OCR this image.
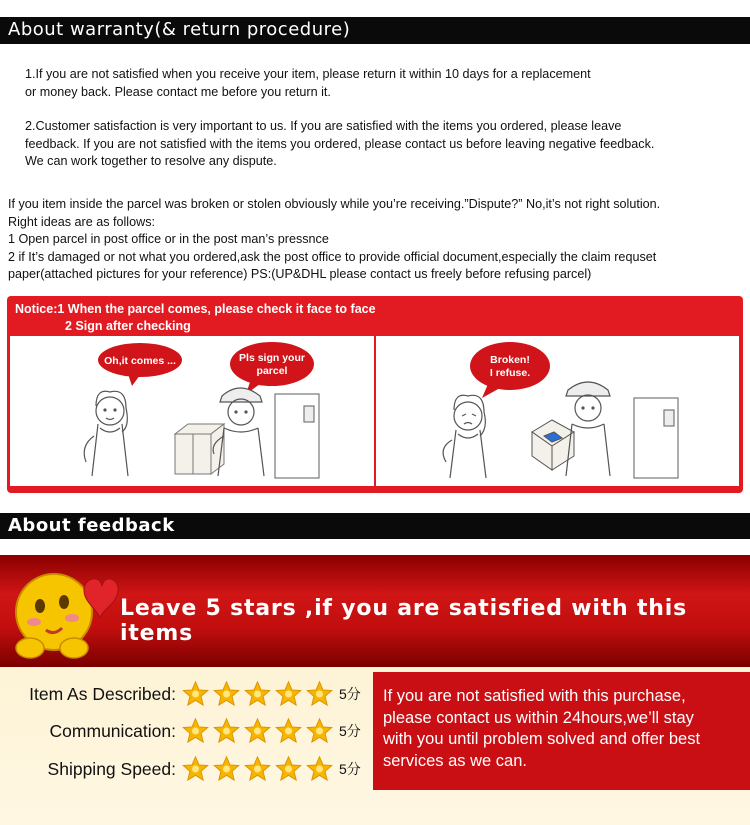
About warranty(& return procedure)
1.If you are not satisfied when you receive your item, please return it within 10 days for a replacement
or money back. Please contact me before you return it.
2.Customer satisfaction is very important to us. If you are satisfied with the items you ordered, please leave
feedback. If you are not satisfied with the items you ordered, please contact us before leaving negative feedback.
We can work together to resolve any dispute.
If you item inside the parcel was broken or stolen obviously while you’re receiving.”Dispute?” No,it’s not right solution.
Right ideas are as follows:
1 Open parcel in post office or in the post man’s pressnce
2 if It’s damaged or not what you ordered,ask the post office to provide official document,especially the claim requset
paper(attached pictures for your reference) PS:(UP&DHL please contact us freely before refusing parcel)
Notice:1 When the parcel comes, please check it face to face
2 Sign after checking
Oh,it comes ...	Pls sign your
parcel
Broken!
I refuse.
About feedback
Leave 5 stars ,if you are satisfied with this items
Item As Described:	5分
Communication:	5分
Shipping Speed:	5分
If you are not satisfied with this purchase,
please contact us within 24hours,we’ll stay
with you until problem solved and offer best
services as we can.
